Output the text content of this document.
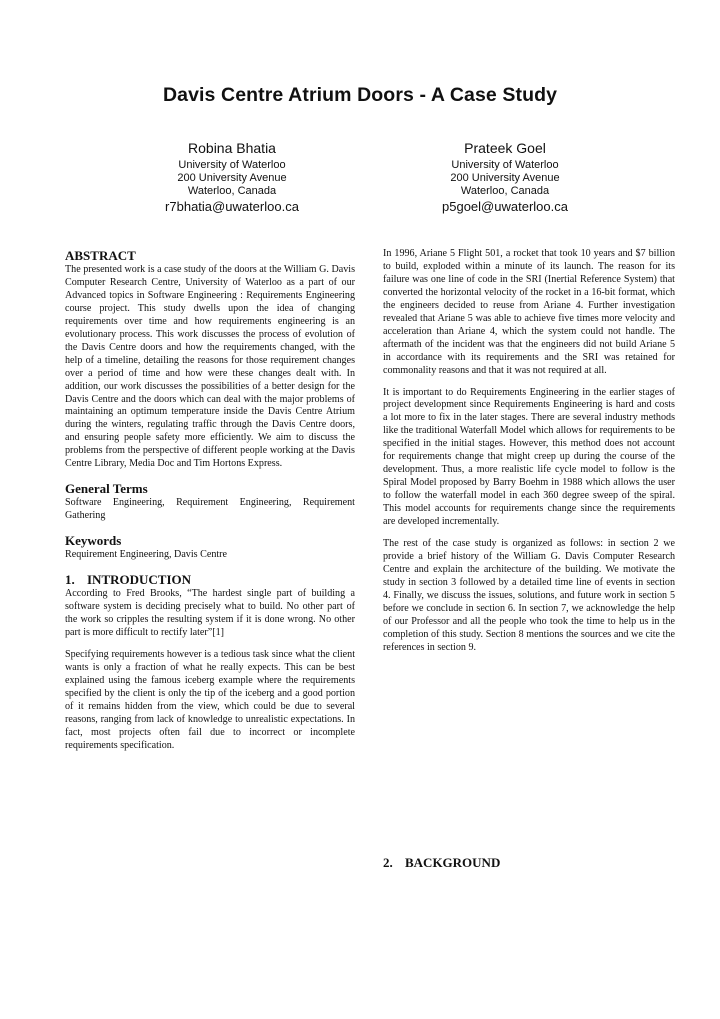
Davis Centre Atrium Doors - A Case Study
Robina Bhatia
University of Waterloo
200 University Avenue
Waterloo, Canada
r7bhatia@uwaterloo.ca
Prateek Goel
University of Waterloo
200 University Avenue
Waterloo, Canada
p5goel@uwaterloo.ca
ABSTRACT

The presented work is a case study of the doors at the William G. Davis Computer Research Centre, University of Waterloo as a part of our Advanced topics in Software Engineering : Requirements Engineering course project. This study dwells upon the idea of changing requirements over time and how requirements engineering is an evolutionary process. This work discusses the process of evolution of the Davis Centre doors and how the requirements changed, with the help of a timeline, detailing the reasons for those requirement changes over a period of time and how were these changes dealt with. In addition, our work discusses the possibilities of a better design for the Davis Centre and the doors which can deal with the major problems of maintaining an optimum temperature inside the Davis Centre Atrium during the winters, regulating traffic through the Davis Centre doors, and ensuring people safety more efficiently. We aim to discuss the problems from the perspective of different people working at the Davis Centre Library, Media Doc and Tim Hortons Express.

General Terms

Software Engineering, Requirement Engineering, Requirement Gathering

Keywords

Requirement Engineering, Davis Centre

1. INTRODUCTION

According to Fred Brooks, “The hardest single part of building a software system is deciding precisely what to build. No other part of the work so cripples the resulting system if it is done wrong. No other part is more difficult to rectify later”[1]

Specifying requirements however is a tedious task since what the client wants is only a fraction of what he really expects. This can be best explained using the famous iceberg example where the requirements specified by the client is only the tip of the iceberg and a good portion of it remains hidden from the view, which could be due to several reasons, ranging from lack of knowledge to unrealistic expectations. In fact, most projects often fail due to incorrect or incomplete requirements specification.

In 1996, Ariane 5 Flight 501, a rocket that took 10 years and $7 billion to build, exploded within a minute of its launch. The reason for its failure was one line of code in the SRI (Inertial Reference System) that converted the horizontal velocity of the rocket in a 16-bit format, which the engineers decided to reuse from Ariane 4. Further investigation revealed that Ariane 5 was able to achieve five times more velocity and acceleration than Ariane 4, which the system could not handle. The aftermath of the incident was that the engineers did not build Ariane 5 in accordance with its requirements and the SRI was retained for commonality reasons and that it was not required at all.

It is important to do Requirements Engineering in the earlier stages of project development since Requirements Engineering is hard and costs a lot more to fix in the later stages. There are several industry methods like the traditional Waterfall Model which allows for requirements to be specified in the initial stages. However, this method does not account for requirements change that might creep up during the course of the development. Thus, a more realistic life cycle model to follow is the Spiral Model proposed by Barry Boehm in 1988 which allows the user to follow the waterfall model in each 360 degree sweep of the spiral. This model accounts for requirements change since the requirements are developed incrementally.

The rest of the case study is organized as follows: in section 2 we provide a brief history of the William G. Davis Computer Research Centre and explain the architecture of the building. We motivate the study in section 3 followed by a detailed time line of events in section 4. Finally, we discuss the issues, solutions, and future work in section 5 before we conclude in section 6. In section 7, we acknowledge the help of our Professor and all the people who took the time to help us in the completion of this study. Section 8 mentions the sources and we cite the references in section 9.

2. BACKGROUND
